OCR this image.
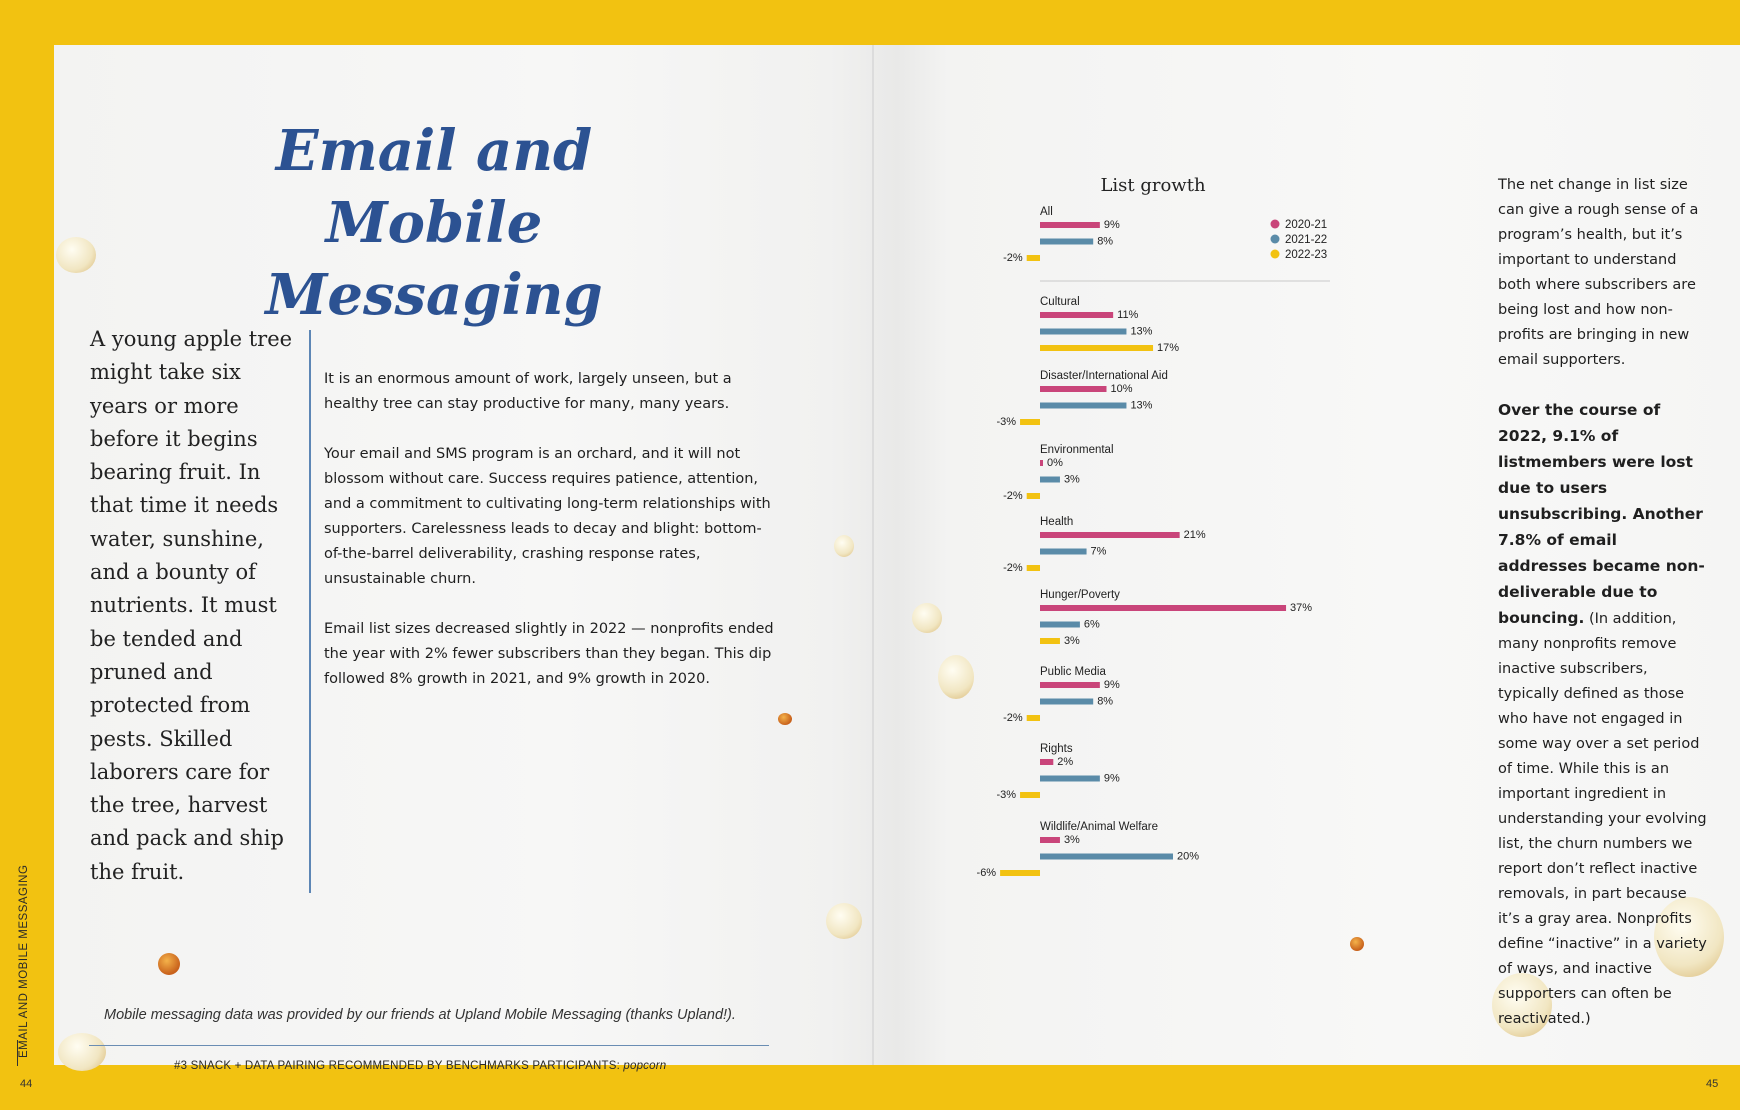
Email and
Mobile Messaging

A young apple tree might take six years or more before it begins bearing fruit. In that time it needs water, sunshine, and a bounty of nutrients. It must be tended and pruned and protected from pests. Skilled laborers care for the tree, harvest and pack and ship the fruit.

It is an enormous amount of work, largely unseen, but a healthy tree can stay productive for many, many years.

Your email and SMS program is an orchard, and it will not blossom without care. Success requires patience, attention, and a commitment to cultivating long-term relationships with supporters. Carelessness leads to decay and blight: bottom-of-the-barrel deliverability, crashing response rates, unsustainable churn.

Email list sizes decreased slightly in 2022 — nonprofits ended the year with 2% fewer subscribers than they began. This dip followed 8% growth in 2021, and 9% growth in 2020.

Mobile messaging data was provided by our friends at Upland Mobile Messaging (thanks Upland!).

#3 SNACK + DATA PAIRING RECOMMENDED BY BENCHMARKS PARTICIPANTS: popcorn

List growth
2020-21
2021-22
2022-23
All
9%
8%
-2%
Cultural
11%
13%
17%
Disaster/International Aid
10%
13%
-3%
Environmental
0%
3%
-2%
Health
21%
7%
-2%
Hunger/Poverty
37%
6%
3%
Public Media
9%
8%
-2%
Rights
2%
9%
-3%
Wildlife/Animal Welfare
3%
20%
-6%

The net change in list size can give a rough sense of a program’s health, but it’s important to understand both where subscribers are being lost and how non-profits are bringing in new email supporters.

Over the course of 2022, 9.1% of listmembers were lost due to users unsubscribing. Another 7.8% of email addresses became non-deliverable due to bouncing. (In addition, many nonprofits remove inactive subscribers, typically defined as those who have not engaged in some way over a set period of time. While this is an important ingredient in understanding your evolving list, the churn numbers we report don’t reflect inactive removals, in part because it’s a gray area. Nonprofits define “inactive” in a variety of ways, and inactive supporters can often be reactivated.)

EMAIL AND MOBILE MESSAGING
44	45
